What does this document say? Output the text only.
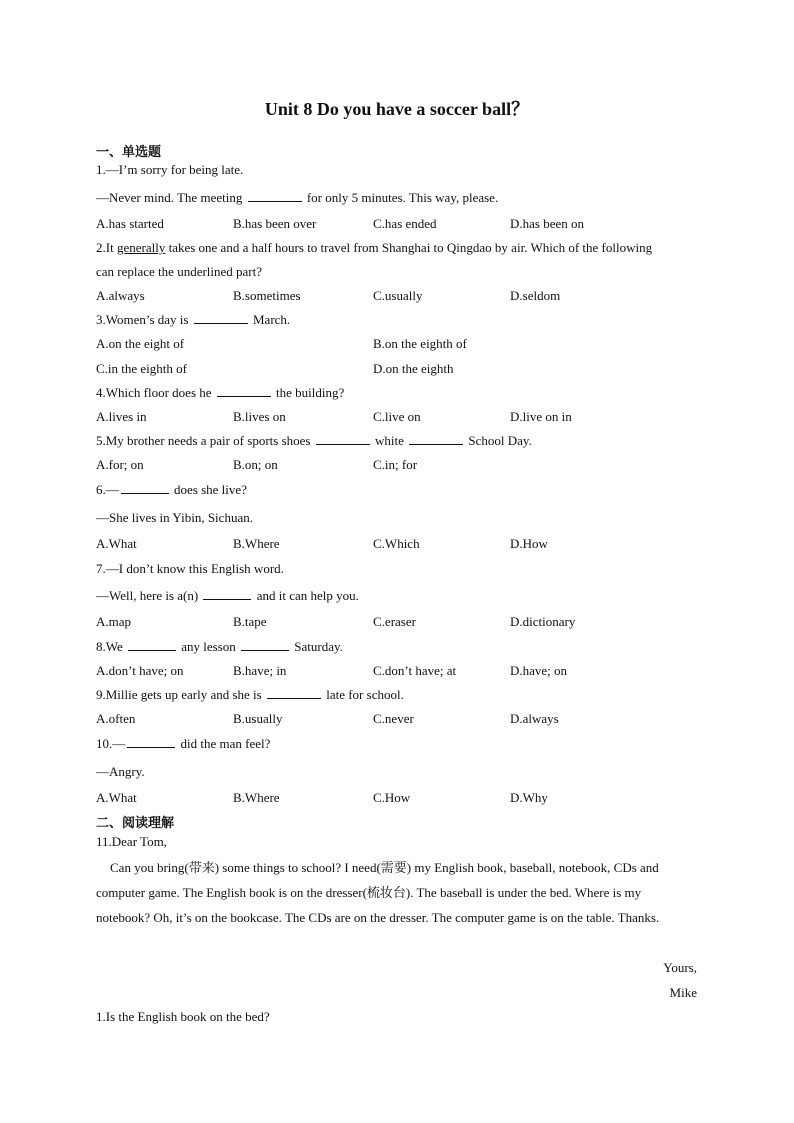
Unit 8 Do you have a soccer ball？
一、单选题
1.—I’m sorry for being late.
—Never mind. The meeting	for only 5 minutes. This way, please.
A.has started	B.has been over	C.has ended	D.has been on
2.It generally takes one and a half hours to travel from Shanghai to Qingdao by air. Which of the following
can replace the underlined part?
A.always	B.sometimes	C.usually	D.seldom
3.Women’s day is	March.
A.on the eight of	B.on the eighth of
C.in the eighth of	D.on the eighth
4.Which floor does he	the building?
A.lives in	B.lives on	C.live on	D.live on in
5.My brother needs a pair of sports shoes	white	School Day.
A.for; on	B.on; on	C.in; for
6.—	does she live?
—She lives in Yibin, Sichuan.
A.What	B.Where	C.Which	D.How
7.—I don’t know this English word.
—Well, here is a(n)	and it can help you.
A.map	B.tape	C.eraser	D.dictionary
8.We	any lesson	Saturday.
A.don’t have; on	B.have; in	C.don’t have; at	D.have; on
9.Millie gets up early and she is	late for school.
A.often	B.usually	C.never	D.always
10.—	did the man feel?
—Angry.
A.What	B.Where	C.How	D.Why
二、阅读理解
11.Dear Tom,
Can you bring(带来) some things to school? I need(需要) my English book, baseball, notebook, CDs and computer game. The English book is on the dresser(梳妆台). The baseball is under the bed. Where is my notebook? Oh, it’s on the bookcase. The CDs are on the dresser. The computer game is on the table. Thanks.
Yours,
Mike
1.Is the English book on the bed?
